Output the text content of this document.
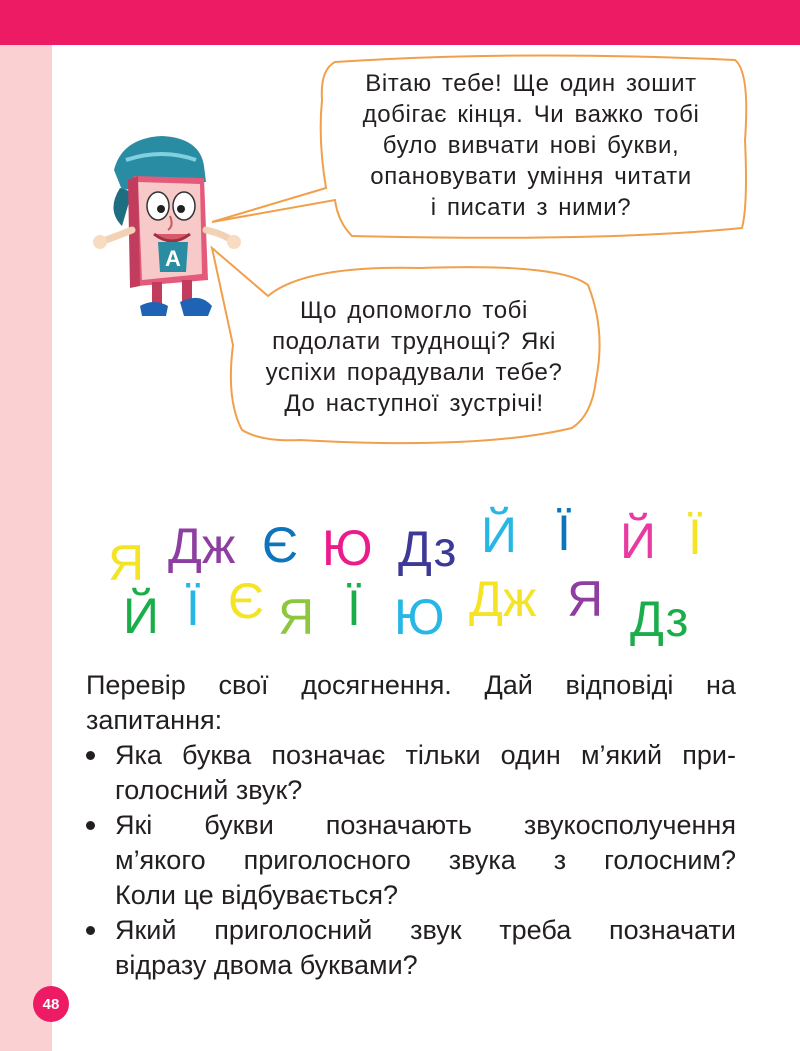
48
Вітаю тебе! Ще один зошит
добігає кінця. Чи важко тобі
було вивчати нові букви,
опановувати уміння читати
і писати з ними?
Що допомогло тобі
подолати труднощі? Які
успіхи порадували тебе?
До наступної зустрічі!
А
Я Дж Є Ю Дз Й Ї Й Ї
Й Ї Є Я Ї Ю Дж Я Дз
Перевір свої досягнення. Дай відповіді на
запитання:
Яка буква позначає тільки один м’який при-
голосний звук?
Які букви позначають звукосполучення
м’якого приголосного звука з голосним?
Коли це відбувається?
Який приголосний звук треба позначати
відразу двома буквами?
